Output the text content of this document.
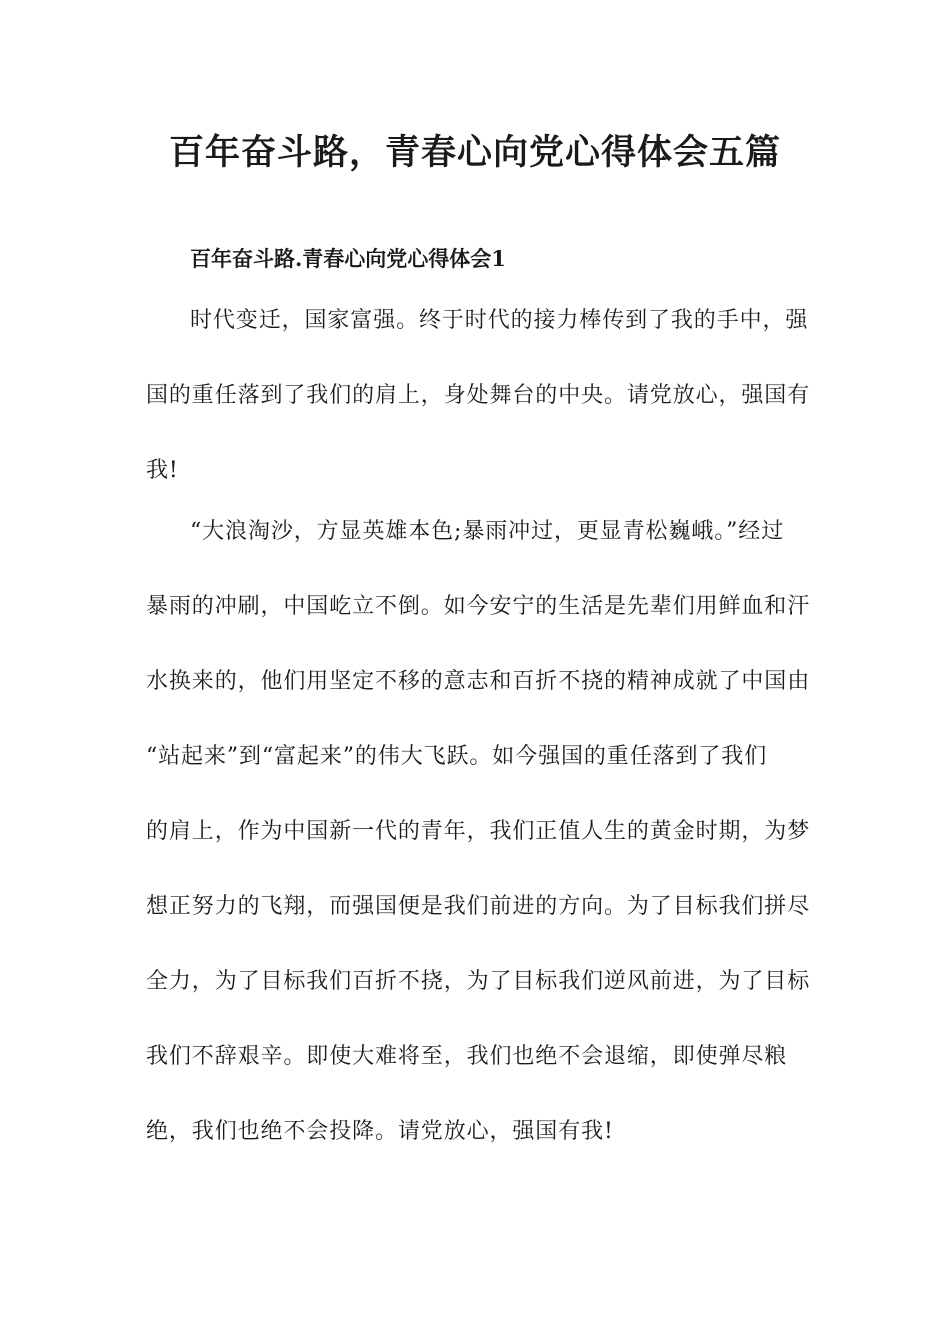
百年奋斗路，青春心向党心得体会五篇
百年奋斗路.青春心向党心得体会1

时代变迁，国家富强。终于时代的接力棒传到了我的手中，强

国的重任落到了我们的肩上，身处舞台的中央。请党放心，强国有

我!

“大浪淘沙，方显英雄本色;暴雨冲过，更显青松巍峨。”经过

暴雨的冲刷，中国屹立不倒。如今安宁的生活是先辈们用鲜血和汗

水换来的，他们用坚定不移的意志和百折不挠的精神成就了中国由

“站起来”到“富起来”的伟大飞跃。如今强国的重任落到了我们

的肩上，作为中国新一代的青年，我们正值人生的黄金时期，为梦

想正努力的飞翔，而强国便是我们前进的方向。为了目标我们拼尽

全力，为了目标我们百折不挠，为了目标我们逆风前进，为了目标

我们不辞艰辛。即使大难将至，我们也绝不会退缩，即使弹尽粮

绝，我们也绝不会投降。请党放心，强国有我!
